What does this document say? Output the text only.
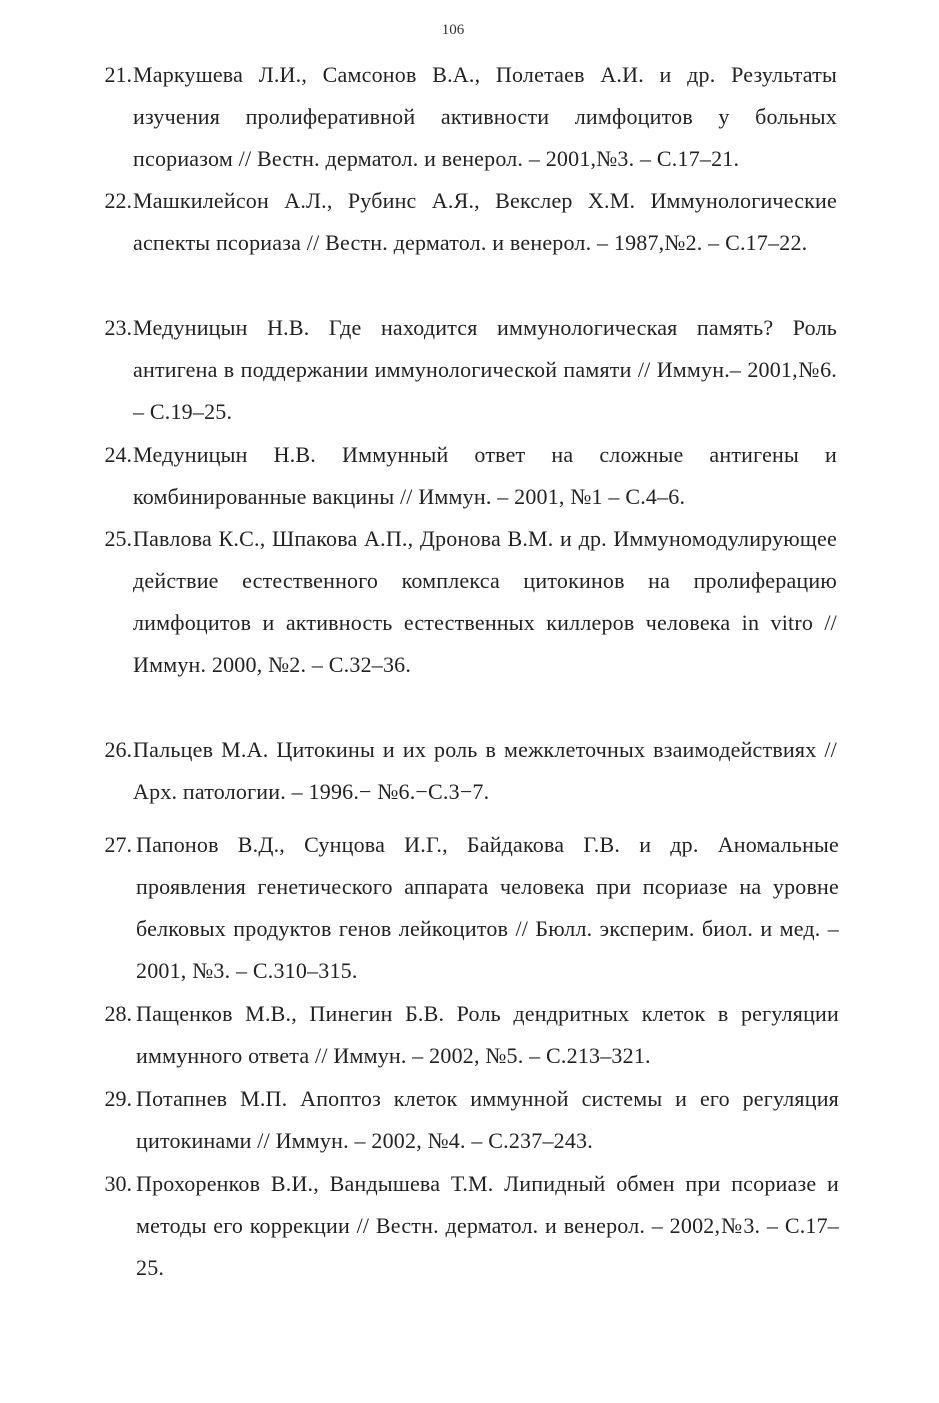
106
21. Маркушева Л.И., Самсонов В.А., Полетаев А.И. и др. Результаты изучения пролиферативной активности лимфоцитов у больных псориазом // Вестн. дерматол. и венерол. – 2001,№3. – С.17–21.
22. Машкилейсон А.Л., Рубинс А.Я., Векслер Х.М. Иммунологические аспекты псориаза // Вестн. дерматол. и венерол. – 1987,№2. – С.17–22.
23. Медуницын Н.В. Где находится иммунологическая память? Роль антигена в поддержании иммунологической памяти // Иммун.– 2001,№6. – С.19–25.
24. Медуницын Н.В. Иммунный ответ на сложные антигены и комбинированные вакцины // Иммун. – 2001, №1 – С.4–6.
25. Павлова К.С., Шпакова А.П., Дронова В.М. и др. Иммуномодулирующее действие естественного комплекса цитокинов на пролиферацию лимфоцитов и активность естественных киллеров человека in vitro // Иммун. 2000, №2. – С.32–36.
26. Пальцев М.А. Цитокины и их роль в межклеточных взаимодействиях // Арх. патологии. – 1996.− №6.−С.3−7.
27. Папонов В.Д., Сунцова И.Г., Байдакова Г.В. и др. Аномальные проявления генетического аппарата человека при псориазе на уровне белковых продуктов генов лейкоцитов // Бюлл. эксперим. биол. и мед. – 2001, №3. – С.310–315.
28. Пащенков М.В., Пинегин Б.В. Роль дендритных клеток в регуляции иммунного ответа // Иммун. – 2002, №5. – С.213–321.
29. Потапнев М.П. Апоптоз клеток иммунной системы и его регуляция цитокинами // Иммун. – 2002, №4. – С.237–243.
30. Прохоренков В.И., Вандышева Т.М. Липидный обмен при псориазе и методы его коррекции // Вестн. дерматол. и венерол. – 2002,№3. – С.17–25.
